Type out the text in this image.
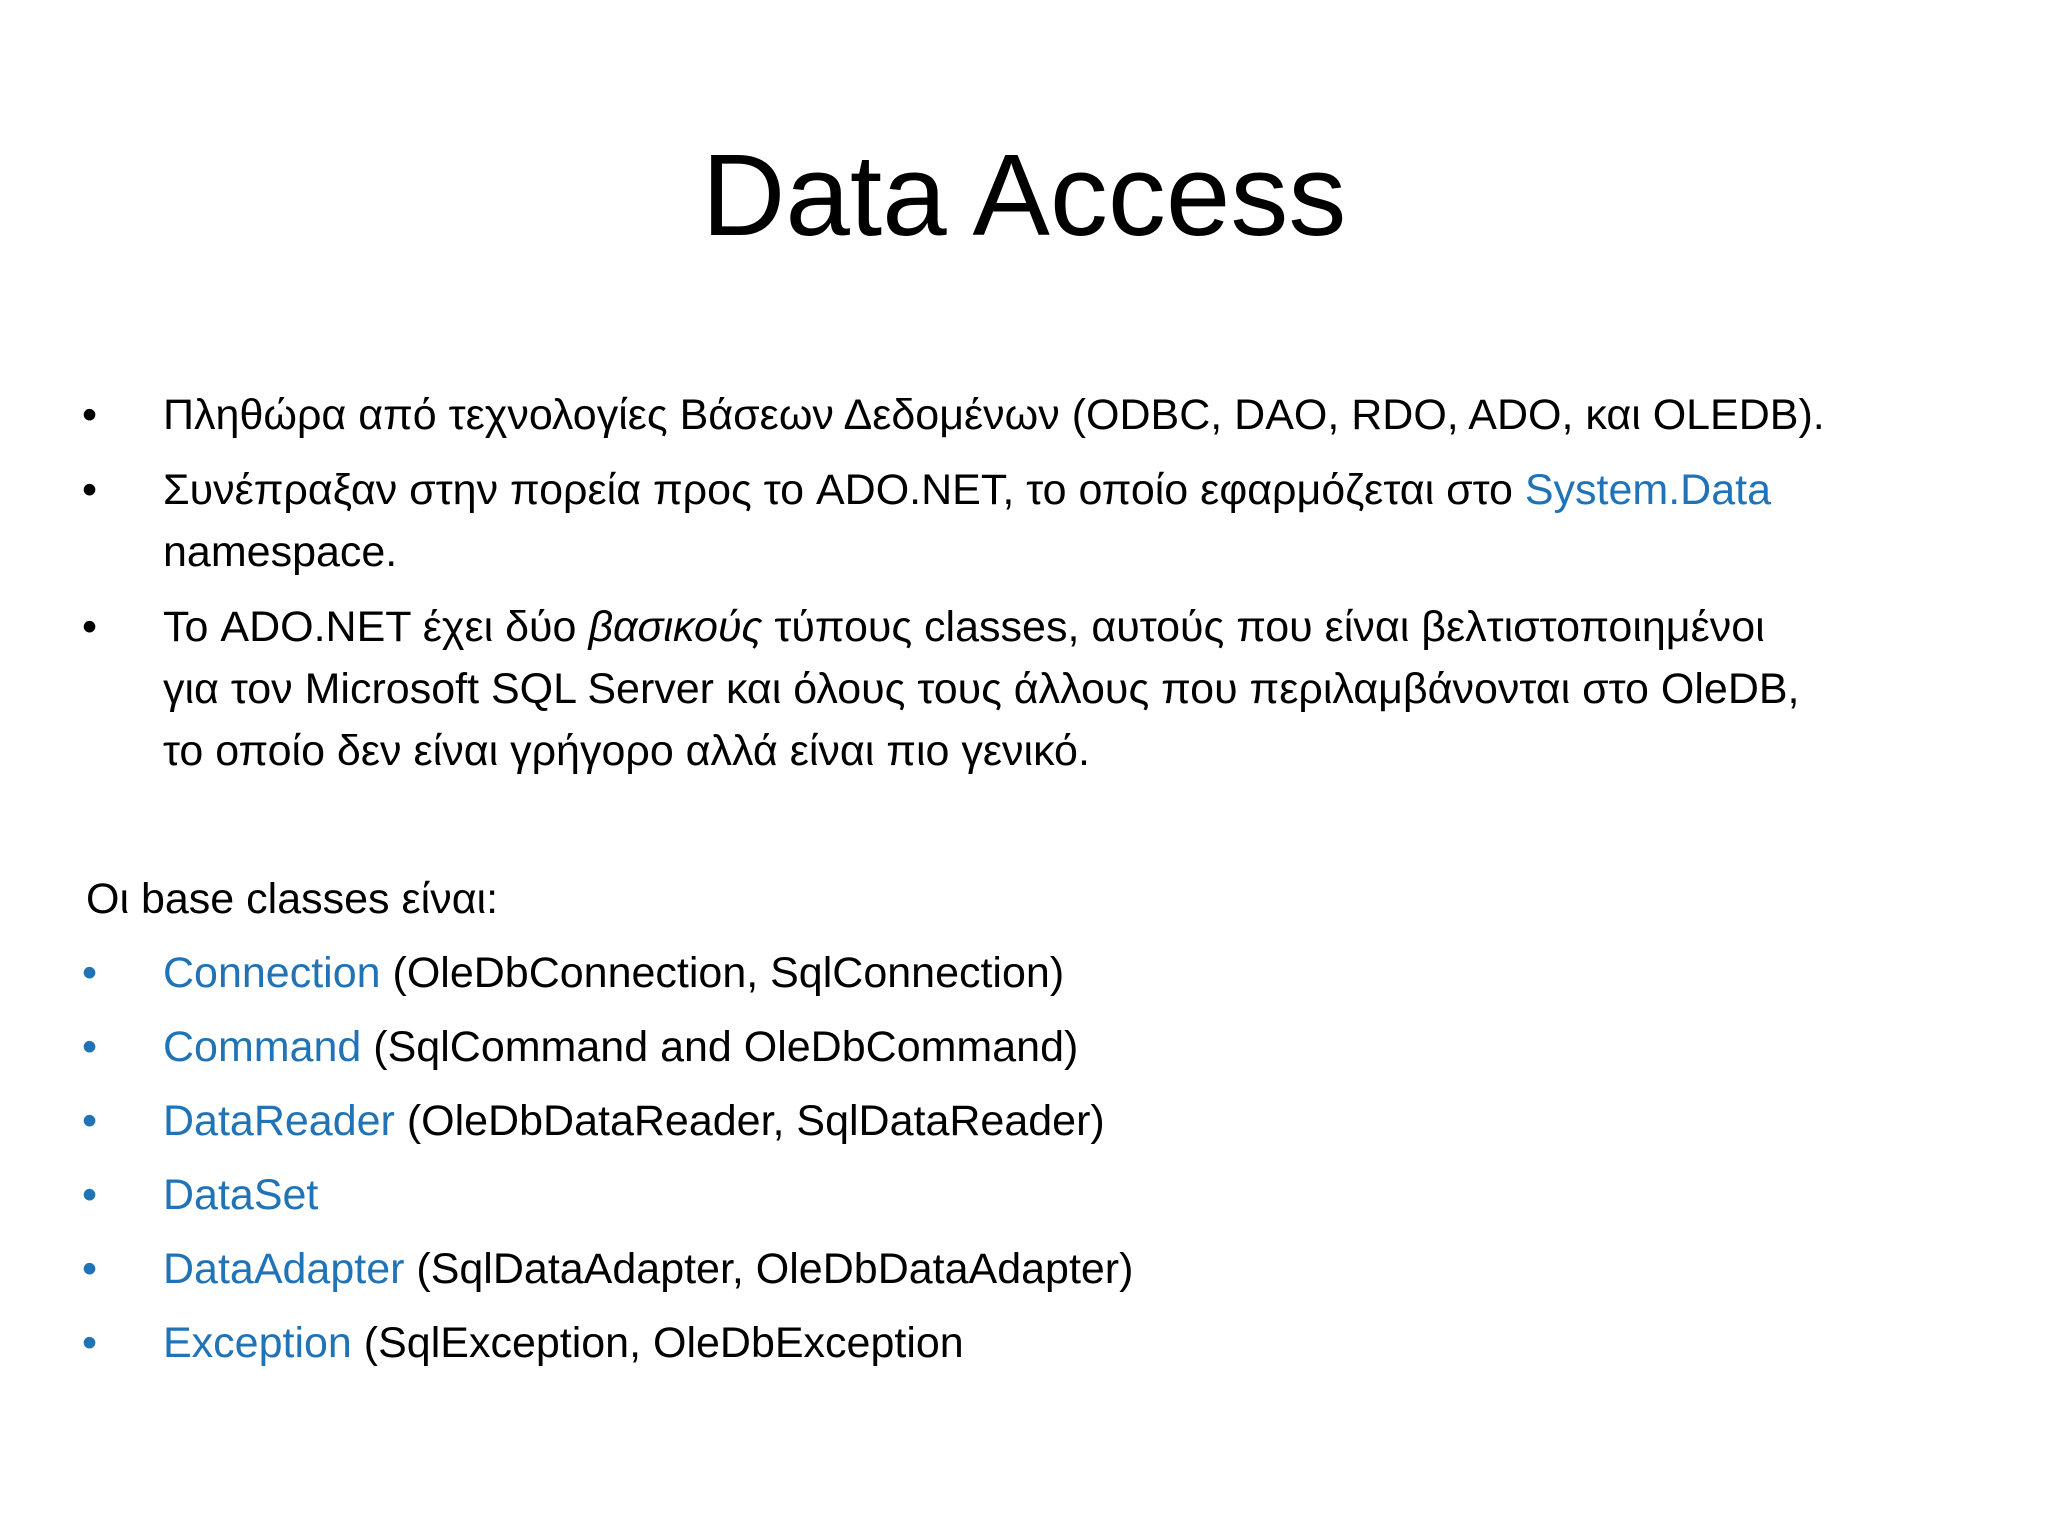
Data Access
•	Πληθώρα από τεχνολογίες Βάσεων Δεδομένων (ODBC, DAO, RDO, ADO, και OLEDB).
•	Συνέπραξαν στην πορεία προς το ADO.NET, το οποίο εφαρμόζεται στο System.Data
namespace.
•	Το ADO.NET έχει δύο βασικούς τύπους classes, αυτούς που είναι βελτιστοποιημένοι
για τον Microsoft SQL Server και όλους τους άλλους που περιλαμβάνονται στο OleDB,
το οποίο δεν είναι γρήγορο αλλά είναι πιο γενικό.
Οι base classes είναι:
•	Connection (OleDbConnection, SqlConnection)
•	Command (SqlCommand and OleDbCommand)
•	DataReader (OleDbDataReader, SqlDataReader)
•	DataSet
•	DataAdapter (SqlDataAdapter, OleDbDataAdapter)
•	Exception (SqlException, OleDbException
